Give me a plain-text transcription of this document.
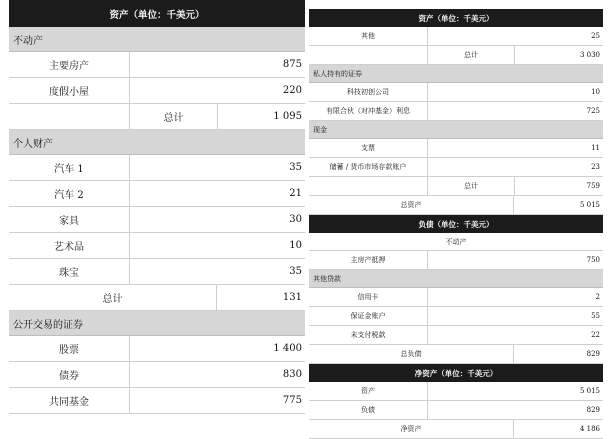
资产（单位：千美元）
不动产
主要房产	875
度假小屋	220
总计	1 095
个人财产
汽车 1	35
汽车 2	21
家具	30
艺术品	10
珠宝	35
总计	131
公开交易的证券
股票	1 400
债券	830
共同基金	775
资产（单位：千美元）
其他	25
总计	3 030
私人持有的证券
科技初创公司	10
有限合伙（对冲基金）利息	725
现金
支票	11
储蓄 / 货币市场存款账户	23
总计	759
总资产	5 015
负债（单位：千美元）
不动产
主房产抵押	750
其他贷款
信用卡	2
保证金账户	55
未支付税款	22
总负债	829
净资产（单位：千美元）
资产	5 015
负债	829
净资产	4 186
